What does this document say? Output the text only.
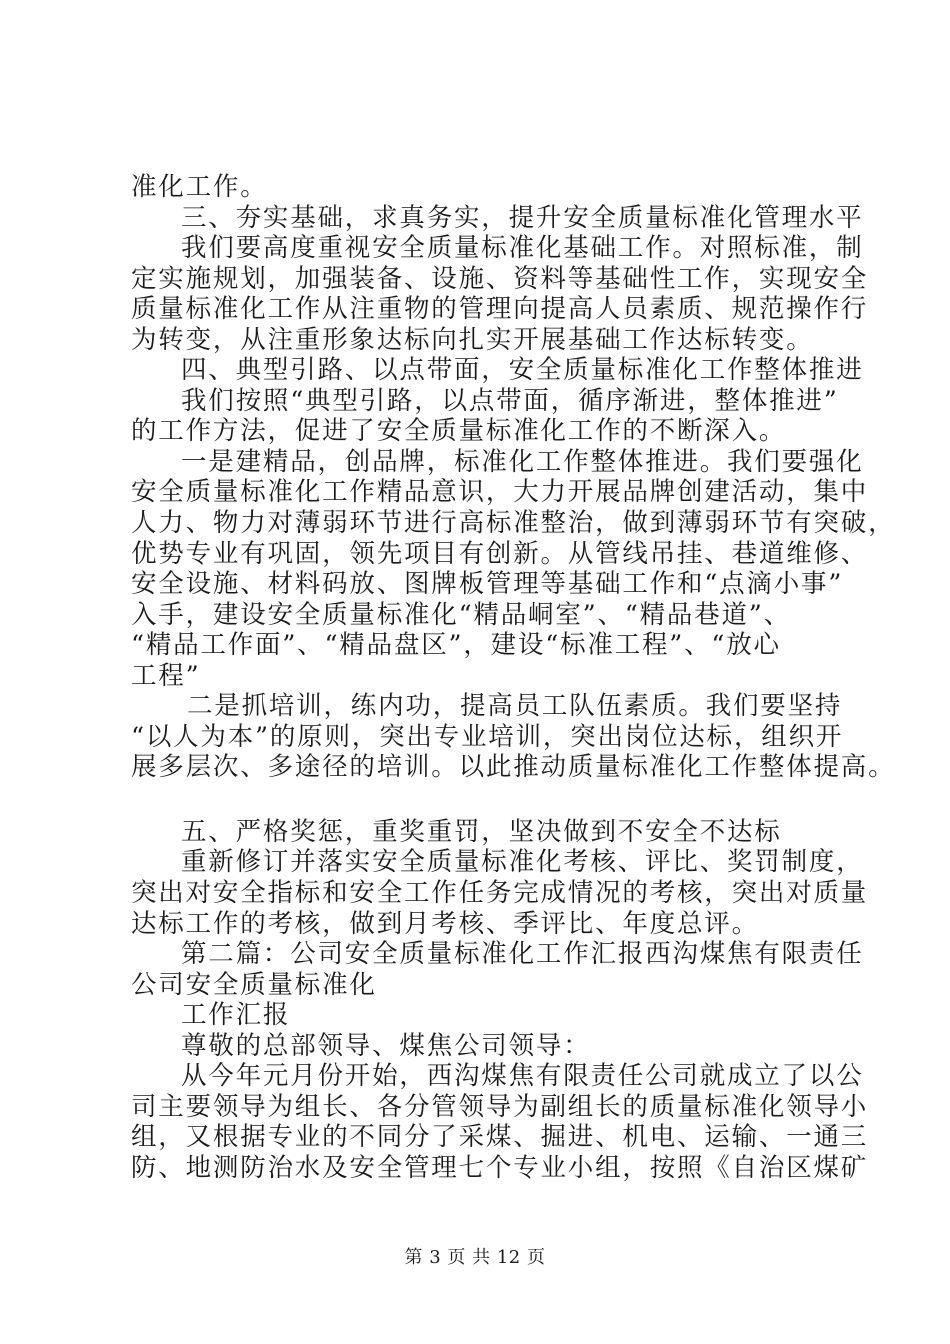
准化工作。
三、夯实基础，求真务实，提升安全质量标准化管理水平
我们要高度重视安全质量标准化基础工作。对照标准，制
定实施规划，加强装备、设施、资料等基础性工作，实现安全
质量标准化工作从注重物的管理向提高人员素质、规范操作行
为转变，从注重形象达标向扎实开展基础工作达标转变。
四、典型引路、以点带面，安全质量标准化工作整体推进
我们按照“典型引路，以点带面，循序渐进，整体推进”
的工作方法，促进了安全质量标准化工作的不断深入。
一是建精品，创品牌，标准化工作整体推进。我们要强化
安全质量标准化工作精品意识，大力开展品牌创建活动，集中
人力、物力对薄弱环节进行高标准整治，做到薄弱环节有突破，
优势专业有巩固，领先项目有创新。从管线吊挂、巷道维修、
安全设施、材料码放、图牌板管理等基础工作和“点滴小事”
入手，建设安全质量标准化“精品峒室”、“精品巷道”、
“精品工作面”、“精品盘区”，建设“标准工程”、“放心
工程”
二是抓培训，练内功，提高员工队伍素质。我们要坚持
“以人为本”的原则，突出专业培训，突出岗位达标，组织开
展多层次、多途径的培训。以此推动质量标准化工作整体提高。
五、严格奖惩，重奖重罚，坚决做到不安全不达标
重新修订并落实安全质量标准化考核、评比、奖罚制度，
突出对安全指标和安全工作任务完成情况的考核，突出对质量
达标工作的考核，做到月考核、季评比、年度总评。
第二篇：公司安全质量标准化工作汇报西沟煤焦有限责任
公司安全质量标准化
工作汇报
尊敬的总部领导、煤焦公司领导：
从今年元月份开始，西沟煤焦有限责任公司就成立了以公
司主要领导为组长、各分管领导为副组长的质量标准化领导小
组，又根据专业的不同分了采煤、掘进、机电、运输、一通三
防、地测防治水及安全管理七个专业小组，按照《自治区煤矿
第 3 页 共 12 页
